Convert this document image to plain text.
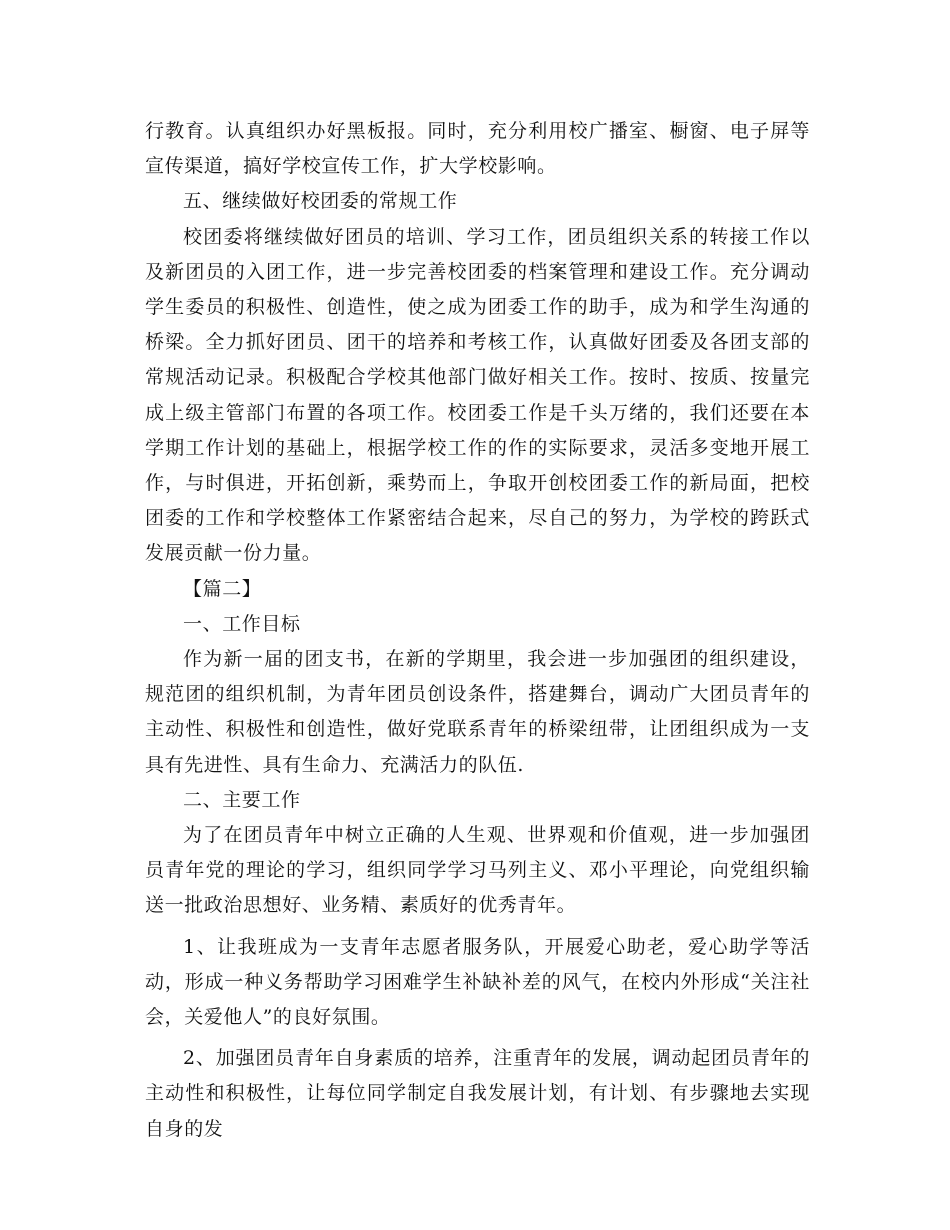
行教育。认真组织办好黑板报。同时，充分利用校广播室、橱窗、电子屏等宣传渠道，搞好学校宣传工作，扩大学校影响。

五、继续做好校团委的常规工作

校团委将继续做好团员的培训、学习工作，团员组织关系的转接工作以及新团员的入团工作，进一步完善校团委的档案管理和建设工作。充分调动学生委员的积极性、创造性，使之成为团委工作的助手，成为和学生沟通的桥梁。全力抓好团员、团干的培养和考核工作，认真做好团委及各团支部的常规活动记录。积极配合学校其他部门做好相关工作。按时、按质、按量完成上级主管部门布置的各项工作。校团委工作是千头万绪的，我们还要在本学期工作计划的基础上，根据学校工作的作的实际要求，灵活多变地开展工作，与时俱进，开拓创新，乘势而上，争取开创校团委工作的新局面，把校团委的工作和学校整体工作紧密结合起来，尽自己的努力，为学校的跨跃式发展贡献一份力量。

【篇二】

一、工作目标

作为新一届的团支书，在新的学期里，我会进一步加强团的组织建设，规范团的组织机制，为青年团员创设条件，搭建舞台，调动广大团员青年的主动性、积极性和创造性，做好党联系青年的桥梁纽带，让团组织成为一支具有先进性、具有生命力、充满活力的队伍.

二、主要工作

为了在团员青年中树立正确的人生观、世界观和价值观，进一步加强团员青年党的理论的学习，组织同学学习马列主义、邓小平理论，向党组织输送一批政治思想好、业务精、素质好的优秀青年。

1、让我班成为一支青年志愿者服务队，开展爱心助老，爱心助学等活动，形成一种义务帮助学习困难学生补缺补差的风气，在校内外形成“关注社会，关爱他人”的良好氛围。

2、加强团员青年自身素质的培养，注重青年的发展，调动起团员青年的主动性和积极性，让每位同学制定自我发展计划，有计划、有步骤地去实现自身的发
